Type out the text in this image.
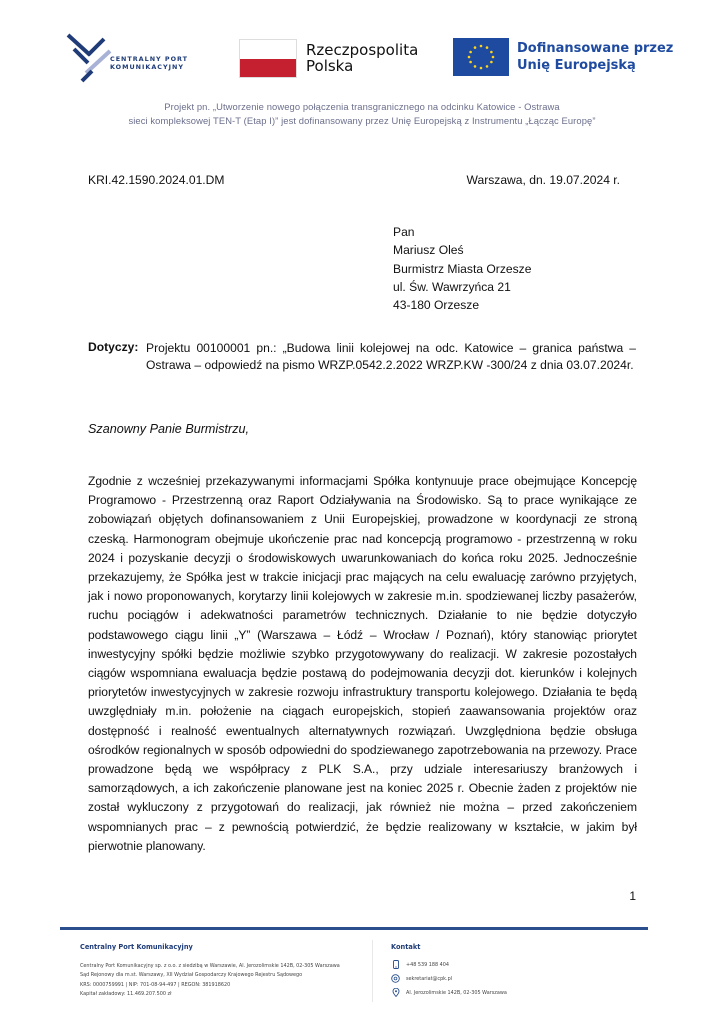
CENTRALNY PORT
KOMUNIKACYJNY
Rzeczpospolita
Polska
Dofinansowane przez
Unię Europejską
Projekt pn. „Utworzenie nowego połączenia transgranicznego na odcinku Katowice - Ostrawa
sieci kompleksowej TEN-T (Etap I)” jest dofinansowany przez Unię Europejską z Instrumentu „Łącząc Europę”
KRI.42.1590.2024.01.DM	Warszawa, dn. 19.07.2024 r.
Pan
Mariusz Oleś
Burmistrz Miasta Orzesze
ul. Św. Wawrzyńca 21
43-180 Orzesze
Dotyczy: Projektu 00100001 pn.: „Budowa linii kolejowej na odc. Katowice – granica państwa – Ostrawa – odpowiedź na pismo WRZP.0542.2.2022 WRZP.KW -300/24 z dnia 03.07.2024r.
Szanowny Panie Burmistrzu,
Zgodnie z wcześniej przekazywanymi informacjami Spółka kontynuuje prace obejmujące Koncepcję Programowo - Przestrzenną oraz Raport Odziaływania na Środowisko. Są to prace wynikające ze zobowiązań objętych dofinansowaniem z Unii Europejskiej, prowadzone w koordynacji ze stroną czeską. Harmonogram obejmuje ukończenie prac nad koncepcją programowo - przestrzenną w roku 2024 i pozyskanie decyzji o środowiskowych uwarunkowaniach do końca roku 2025. Jednocześnie przekazujemy, że Spółka jest w trakcie inicjacji prac mających na celu ewaluację zarówno przyjętych, jak i nowo proponowanych, korytarzy linii kolejowych w zakresie m.in. spodziewanej liczby pasażerów, ruchu pociągów i adekwatności parametrów technicznych. Działanie to nie będzie dotyczyło podstawowego ciągu linii „Y” (Warszawa – Łódź – Wrocław / Poznań), który stanowiąc priorytet inwestycyjny spółki będzie możliwie szybko przygotowywany do realizacji. W zakresie pozostałych ciągów wspomniana ewaluacja będzie postawą do podejmowania decyzji dot. kierunków i kolejnych priorytetów inwestycyjnych w zakresie rozwoju infrastruktury transportu kolejowego. Działania te będą uwzględniały m.in. położenie na ciągach europejskich, stopień zaawansowania projektów oraz dostępność i realność ewentualnych alternatywnych rozwiązań. Uwzględniona będzie obsługa ośrodków regionalnych w sposób odpowiedni do spodziewanego zapotrzebowania na przewozy. Prace prowadzone będą we współpracy z PLK S.A., przy udziale interesariuszy branżowych i samorządowych, a ich zakończenie planowane jest na koniec 2025 r. Obecnie żaden z projektów nie został wykluczony z przygotowań do realizacji, jak również nie można – przed zakończeniem wspomnianych prac – z pewnością potwierdzić, że będzie realizowany w kształcie, w jakim był pierwotnie planowany.
1
Centralny Port Komunikacyjny
Centralny Port Komunikacyjny sp. z o.o. z siedzibą w Warszawie, Al. Jerozolimskie 142B, 02-305 Warszawa
Sąd Rejonowy dla m.st. Warszawy, XII Wydział Gospodarczy Krajowego Rejestru Sądowego
KRS: 0000759991 | NIP: 701-08-94-497 | REGON: 381918620
Kapitał zakładowy: 11.469.207.500 zł
Kontakt
+48 539 188 404
sekretariat@cpk.pl
Al. Jerozolimskie 142B, 02-305 Warszawa
